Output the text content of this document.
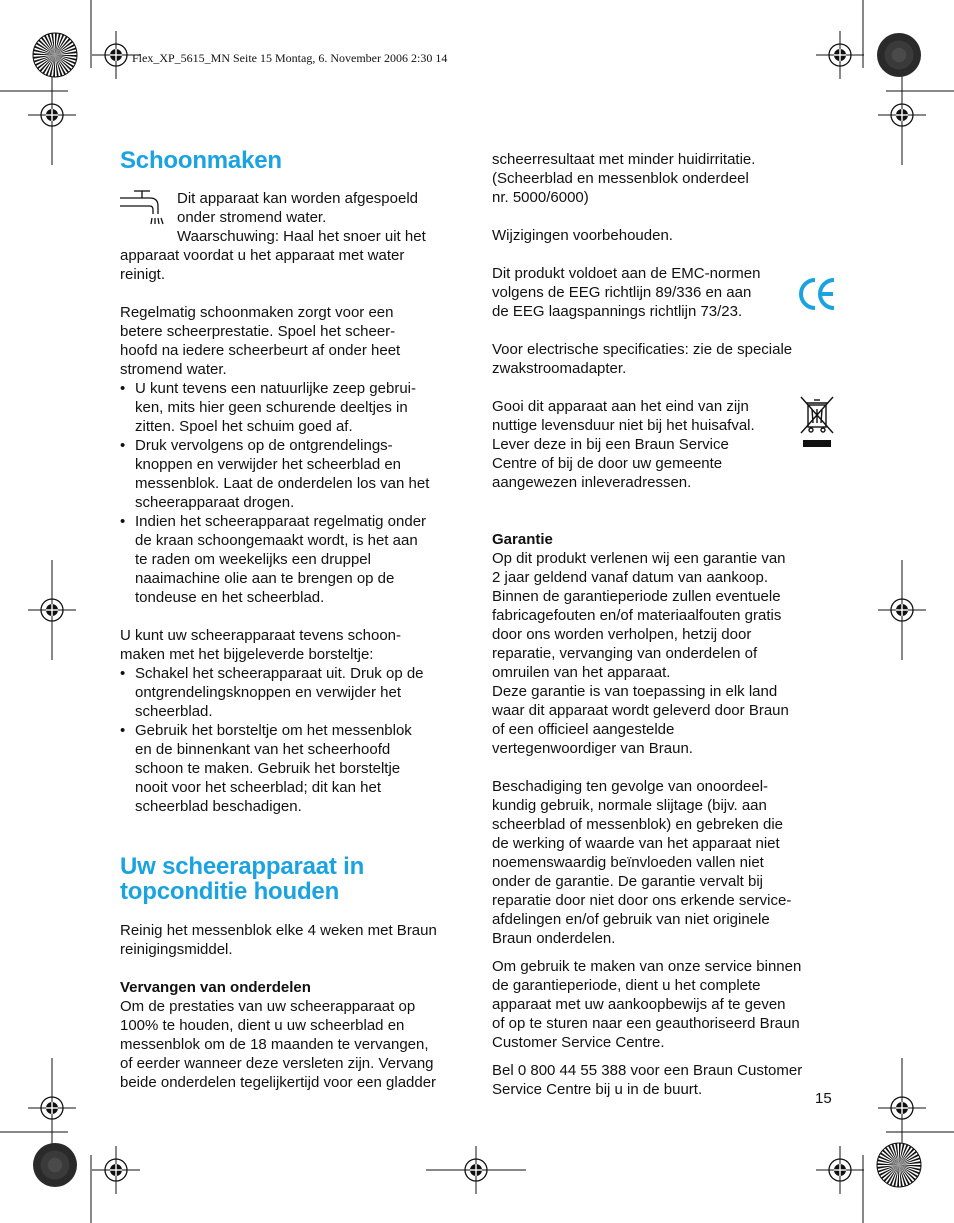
Flex_XP_5615_MN Seite 15 Montag, 6. November 2006 2:30 14
Schoonmaken
Dit apparaat kan worden afgespoeld
onder stromend water.
Waarschuwing: Haal het snoer uit het
apparaat voordat u het apparaat met water
reinigt.
Regelmatig schoonmaken zorgt voor een
betere scheerprestatie. Spoel het scheer-
hoofd na iedere scheerbeurt af onder heet
stromend water.
• U kunt tevens een natuurlijke zeep gebrui-
ken, mits hier geen schurende deeltjes in
zitten. Spoel het schuim goed af.
• Druk vervolgens op de ontgrendelings-
knoppen en verwijder het scheerblad en
messenblok. Laat de onderdelen los van het
scheerapparaat drogen.
• Indien het scheerapparaat regelmatig onder
de kraan schoongemaakt wordt, is het aan
te raden om weekelijks een druppel
naaimachine olie aan te brengen op de
tondeuse en het scheerblad.
U kunt uw scheerapparaat tevens schoon-
maken met het bijgeleverde borsteltje:
• Schakel het scheerapparaat uit. Druk op de
ontgrendelingsknoppen en verwijder het
scheerblad.
• Gebruik het borsteltje om het messenblok
en de binnenkant van het scheerhoofd
schoon te maken. Gebruik het borsteltje
nooit voor het scheerblad; dit kan het
scheerblad beschadigen.
Uw scheerapparaat in
topconditie houden
Reinig het messenblok elke 4 weken met Braun
reinigingsmiddel.
Vervangen van onderdelen
Om de prestaties van uw scheerapparaat op
100% te houden, dient u uw scheerblad en
messenblok om de 18 maanden te vervangen,
of eerder wanneer deze versleten zijn. Vervang
beide onderdelen tegelijkertijd voor een gladder
scheerresultaat met minder huidirritatie.
(Scheerblad en messenblok onderdeel
nr. 5000/6000)
Wijzigingen voorbehouden.
Dit produkt voldoet aan de EMC-normen
volgens de EEG richtlijn 89/336 en aan
de EEG laagspannings richtlijn 73/23.
Voor electrische specificaties: zie de speciale
zwakstroomadapter.
Gooi dit apparaat aan het eind van zijn
nuttige levensduur niet bij het huisafval.
Lever deze in bij een Braun Service
Centre of bij de door uw gemeente
aangewezen inleveradressen.
Garantie
Op dit produkt verlenen wij een garantie van
2 jaar geldend vanaf datum van aankoop.
Binnen de garantieperiode zullen eventuele
fabricagefouten en/of materiaalfouten gratis
door ons worden verholpen, hetzij door
reparatie, vervanging van onderdelen of
omruilen van het apparaat.
Deze garantie is van toepassing in elk land
waar dit apparaat wordt geleverd door Braun
of een officieel aangestelde
vertegenwoordiger van Braun.
Beschadiging ten gevolge van onoordeel-
kundig gebruik, normale slijtage (bijv. aan
scheerblad of messenblok) en gebreken die
de werking of waarde van het apparaat niet
noemenswaardig beïnvloeden vallen niet
onder de garantie. De garantie vervalt bij
reparatie door niet door ons erkende service-
afdelingen en/of gebruik van niet originele
Braun onderdelen.
Om gebruik te maken van onze service binnen
de garantieperiode, dient u het complete
apparaat met uw aankoopbewijs af te geven
of op te sturen naar een geauthoriseerd Braun
Customer Service Centre.
Bel 0 800 44 55 388 voor een Braun Customer
Service Centre bij u in de buurt.
15
